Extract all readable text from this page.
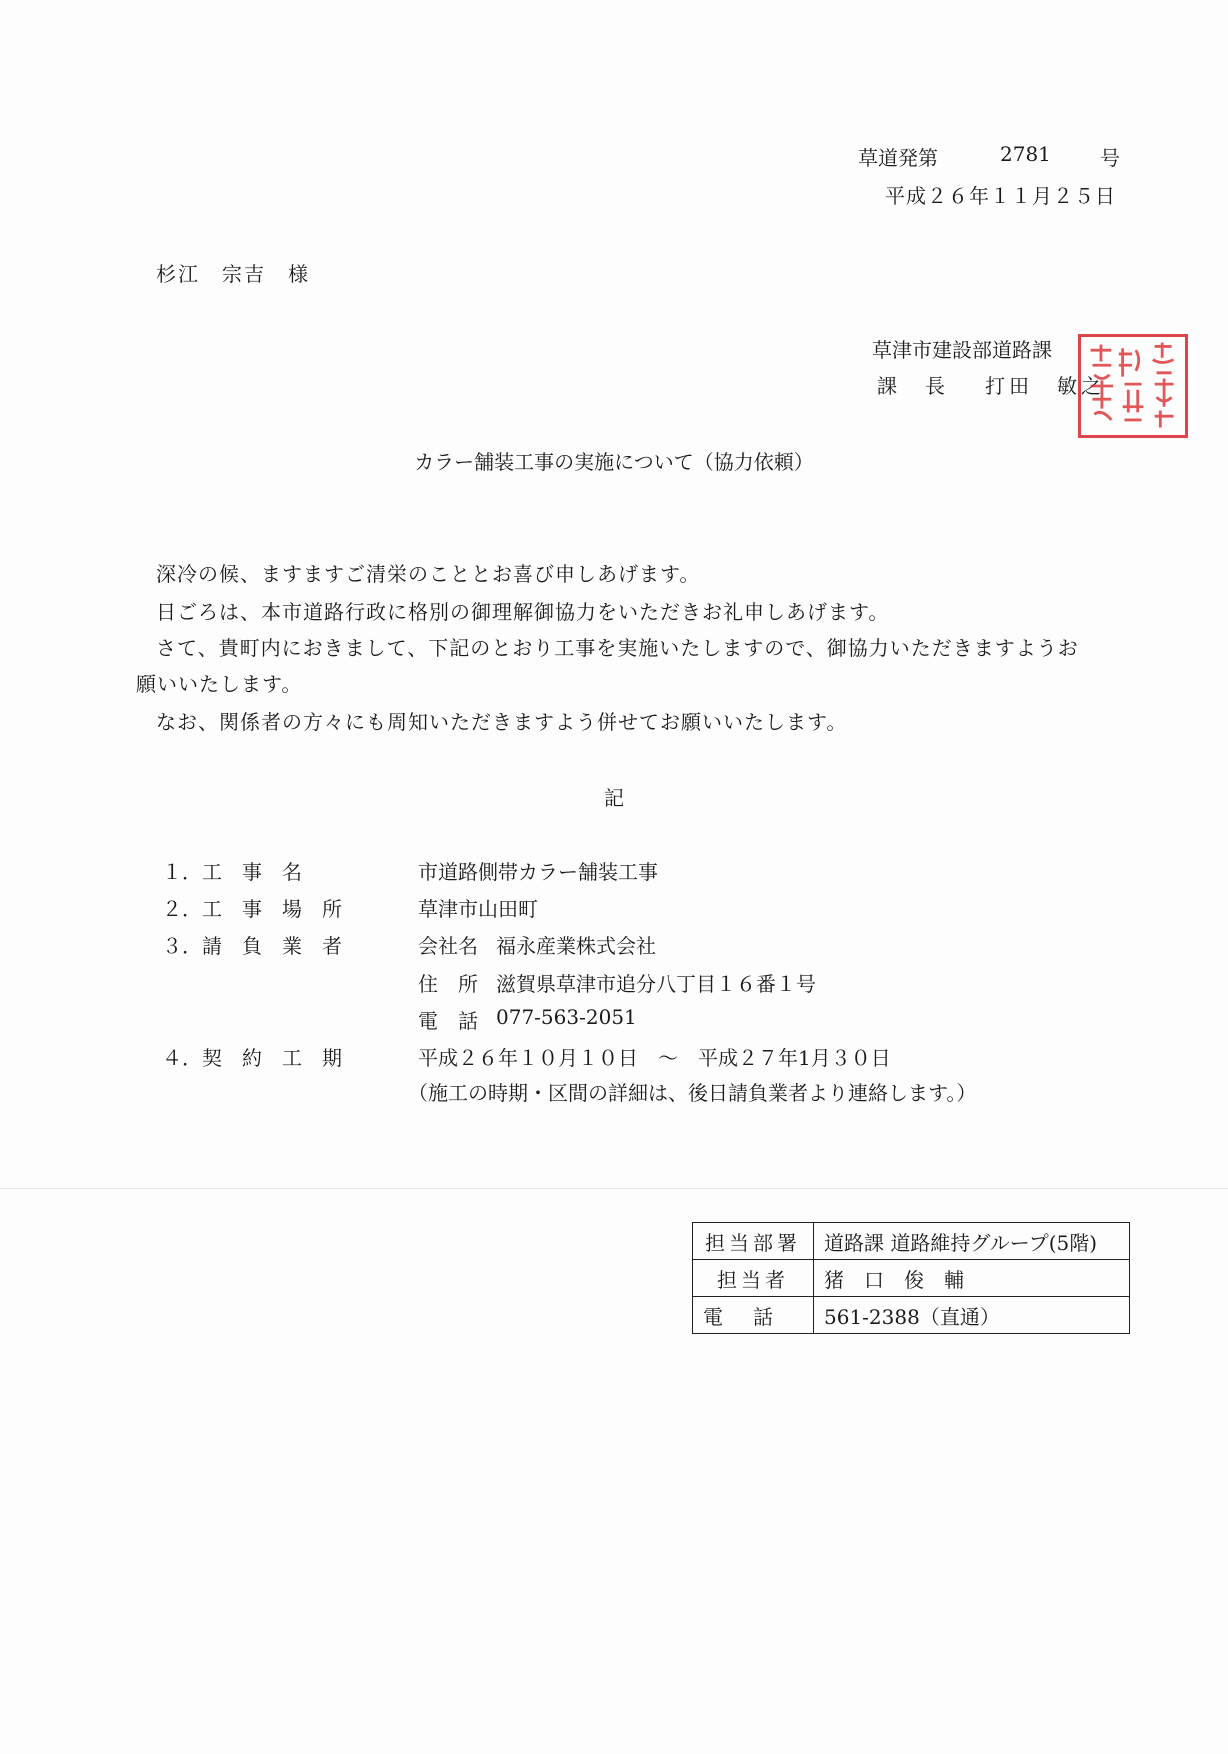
草道発第	2781 号
平成２６年１１月２５日
杉江　宗吉　様
草津市建設部道路課
課　長 打田　敏之
カラー舗装工事の実施について（協力依頼）
深冷の候、ますますご清栄のこととお喜び申しあげます。
日ごろは、本市道路行政に格別の御理解御協力をいただきお礼申しあげます。
さて、貴町内におきまして、下記のとおり工事を実施いたしますので、御協力いただきますようお
願いいたします。
なお、関係者の方々にも周知いただきますよう併せてお願いいたします。
記
１． 工　事　名	市道路側帯カラー舗装工事
２． 工　事　場　所	草津市山田町
３． 請　負　業　者	会社名 福永産業株式会社
住　所 滋賀県草津市追分八丁目１６番１号
電　話 077-563-2051
４． 契　約　工　期	平成２６年１０月１０日　～　平成２７年1月３０日
（施工の時期・区間の詳細は、後日請負業者より連絡します。）
担当部署	道路課 道路維持グループ(5階)
担当者	猪　口　俊　輔
電話	561-2388（直通）
